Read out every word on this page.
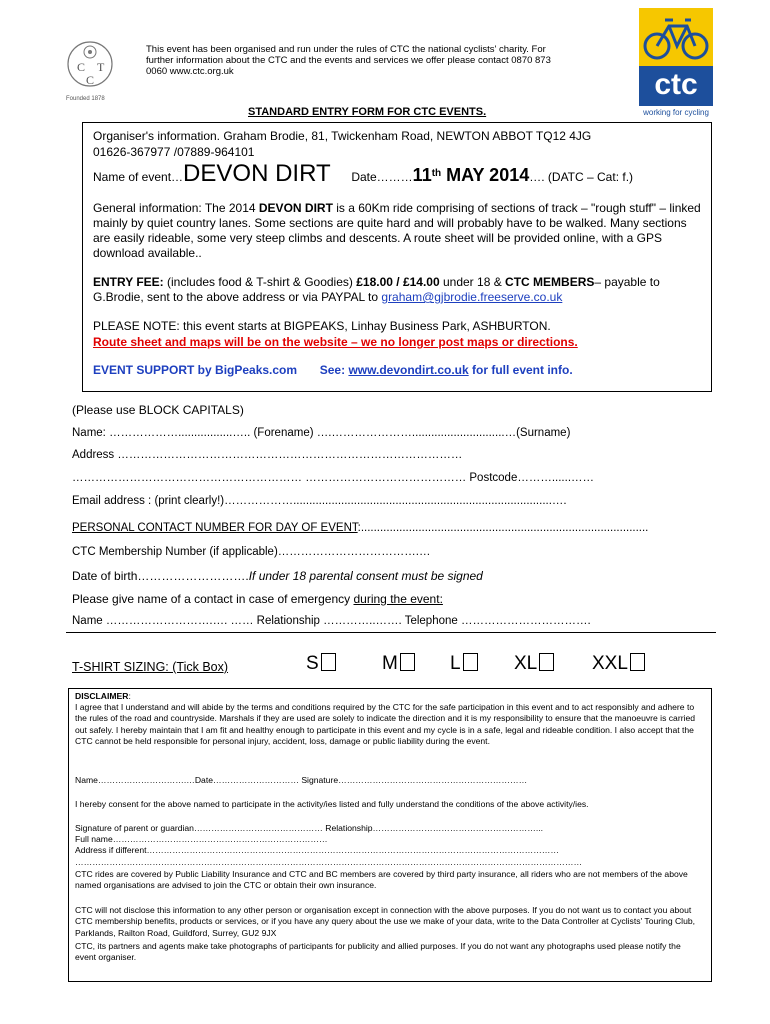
C T
C
Founded 1878
This event has been organised and run under the rules of CTC the national cyclists' charity. For further information about the CTC and the events and services we offer please contact 0870 873 0060 www.ctc.org.uk	ctc
working for cycling
STANDARD ENTRY FORM FOR CTC EVENTS.
Organiser's information. Graham Brodie, 81, Twickenham Road, NEWTON ABBOT TQ12 4JG
01626-367977 /07889-964101
Name of event…DEVON DIRT Date………11th MAY 2014…. (DATC – Cat: f.)
General information: The 2014 DEVON DIRT is a 60Km ride comprising of sections of track – "rough stuff" – linked mainly by quiet country lanes. Some sections are quite hard and will probably have to be walked. Many sections are easily rideable, some very steep climbs and descents. A route sheet will be provided online, with a GPS download available..
ENTRY FEE: (includes food & T-shirt & Goodies) £18.00 / £14.00 under 18 & CTC MEMBERS– payable to G.Brodie, sent to the above address or via PAYPAL to graham@gjbrodie.freeserve.co.uk
PLEASE NOTE: this event starts at BIGPEAKS, Linhay Business Park, ASHBURTON.
Route sheet and maps will be on the website – we no longer post maps or directions.
EVENT SUPPORT by BigPeaks.com See: www.devondirt.co.uk for full event info.
(Please use BLOCK CAPITALS)
Name: ……………….................….. (Forename) ….………………….............................…(Surname)
Address ………………………………………………………………………………
…………………………………………………… …………………………………… Postcode………......……
Email address : (print clearly!)……………….................................................................................….
PERSONAL CONTACT NUMBER FOR DAY OF EVENT:..........................................................................................
CTC Membership Number (if applicable)……………………………….…
Date of birth……………………….If under 18 parental consent must be signed
Please give name of a contact in case of emergency during the event:
Name ……………………….…. …… Relationship …………..……. Telephone …………………………….
T-SHIRT SIZING: (Tick Box)	S	M	L	XL	XXL
DISCLAIMER:
I agree that I understand and will abide by the terms and conditions required by the CTC for the safe participation in this event and to act responsibly and adhere to the rules of the road and countryside. Marshals if they are used are solely to indicate the direction and it is my responsibility to ensure that the manoeuvre is carried out safely. I hereby maintain that I am fit and healthy enough to participate in this event and my cycle is in a safe, legal and rideable condition. I also accept that the CTC cannot be held responsible for personal injury, accident, loss, damage or public liability during the event.
Name………………………….…Date………………………… Signature…………………………………………………………
I hereby consent for the above named to participate in the activity/ies listed and fully understand the conditions of the above activity/ies.
Signature of parent or guardian……………………………………… Relationship…………………………………………………...
Full name…………………………………………………………………
Address if different………………………………………………………………………………………………………………………………
……………………………………………………………………………………………………………………………………………………………
CTC rides are covered by Public Liability Insurance and CTC and BC members are covered by third party insurance, all riders who are not members of the above named organisations are advised to join the CTC or obtain their own insurance.
CTC will not disclose this information to any other person or organisation except in connection with the above purposes. If you do not want us to contact you about CTC membership benefits, products or services, or if you have any query about the use we make of your data, write to the Data Controller at Cyclists' Touring Club, Parklands, Railton Road, Guildford, Surrey, GU2 9JX
CTC, its partners and agents make take photographs of participants for publicity and allied purposes. If you do not want any photographs used please notify the event organiser.
